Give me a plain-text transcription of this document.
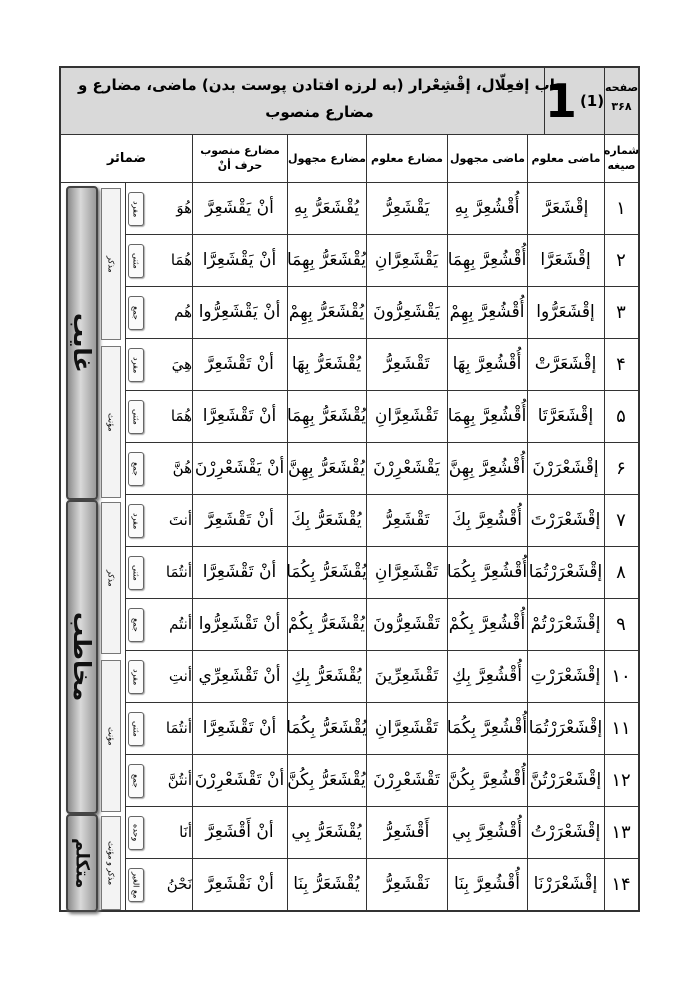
صفحه
۳۶۸
1 (1)
باب إفعِلّال، إقْشِعْرار (به لرزه افتادن پوست بدن) ماضی، مضارع و مضارع منصوب
شماره صیغه
ماضی معلوم
ماضی مجهول
مضارع معلوم
مضارع مجهول
مضارع منصوب
حرف أنْ
ضمائر
۱
إقْشَعَرَّ
أُقْشُعِرَّ بِهِ
يَقْشَعِرُّ
يُقْشَعَرُّ بِهِ
أنْ يَقْشَعِرَّ
هُوَ
مفرد
۲
إقْشَعَرَّا
أُقْشُعِرَّ بِهِمَا
يَقْشَعِرَّانِ
يُقْشَعَرُّ بِهِمَا
أنْ يَقْشَعِرَّا
هُمَا
مثنی
۳
إقْشَعَرُّوا
أُقْشُعِرَّ بِهِمْ
يَقْشَعِرُّونَ
يُقْشَعَرُّ بِهِمْ
أنْ يَقْشَعِرُّوا
هُم
جمع
۴
إقْشَعَرَّتْ
أُقْشُعِرَّ بِهَا
تَقْشَعِرُّ
يُقْشَعَرُّ بِهَا
أنْ تَقْشَعِرَّ
هِيَ
مفرد
۵
إقْشَعَرَّتَا
أُقْشُعِرَّ بِهِمَا
تَقْشَعِرَّانِ
يُقْشَعَرُّ بِهِمَا
أنْ تَقْشَعِرَّا
هُمَا
مثنی
۶
إقْشَعْرَرْنَ
أُقْشُعِرَّ بِهِنَّ
يَقْشَعْرِرْنَ
يُقْشَعَرُّ بِهِنَّ
أنْ يَقْشَعْرِرْنَ
هُنَّ
جمع
۷
إقْشَعْرَرْتَ
أُقْشُعِرَّ بِكَ
تَقْشَعِرُّ
يُقْشَعَرُّ بِكَ
أنْ تَقْشَعِرَّ
أنتَ
مفرد
۸
إقْشَعْرَرْتُمَا
أُقْشُعِرَّ بِكُمَا
تَقْشَعِرَّانِ
يُقْشَعَرُّ بِكُمَا
أنْ تَقْشَعِرَّا
أنتُمَا
مثنی
۹
إقْشَعْرَرْتُمْ
أُقْشُعِرَّ بِكُمْ
تَقْشَعِرُّونَ
يُقْشَعَرُّ بِكُمْ
أنْ تَقْشَعِرُّوا
أنتُم
جمع
۱۰
إقْشَعْرَرْتِ
أُقْشُعِرَّ بِكِ
تَقْشَعِرِّينَ
يُقْشَعَرُّ بِكِ
أنْ تَقْشَعِرِّي
أنتِ
مفرد
۱۱
إقْشَعْرَرْتُمَا
أُقْشُعِرَّ بِكُمَا
تَقْشَعِرَّانِ
يُقْشَعَرُّ بِكُمَا
أنْ تَقْشَعِرَّا
أنتُمَا
مثنی
۱۲
إقْشَعْرَرْتُنَّ
أُقْشُعِرَّ بِكُنَّ
تَقْشَعْرِرْنَ
يُقْشَعَرُّ بِكُنَّ
أنْ تَقْشَعْرِرْنَ
أنتُنَّ
جمع
۱۳
إقْشَعْرَرْتُ
أُقْشُعِرَّ بِي
أَقْشَعِرُّ
يُقْشَعَرُّ بِي
أنْ أَقْشَعِرَّ
أنَا
وحده
۱۴
إقْشَعْرَرْنَا
أُقْشُعِرَّ بِنَا
نَقْشَعِرُّ
يُقْشَعَرُّ بِنَا
أنْ نَقْشَعِرَّ
نَحْنُ
مع الغیر
غایب
مخاطب
متکلم
مذکر
مؤنث
مذکر
مؤنث
مذکر و مؤنث
